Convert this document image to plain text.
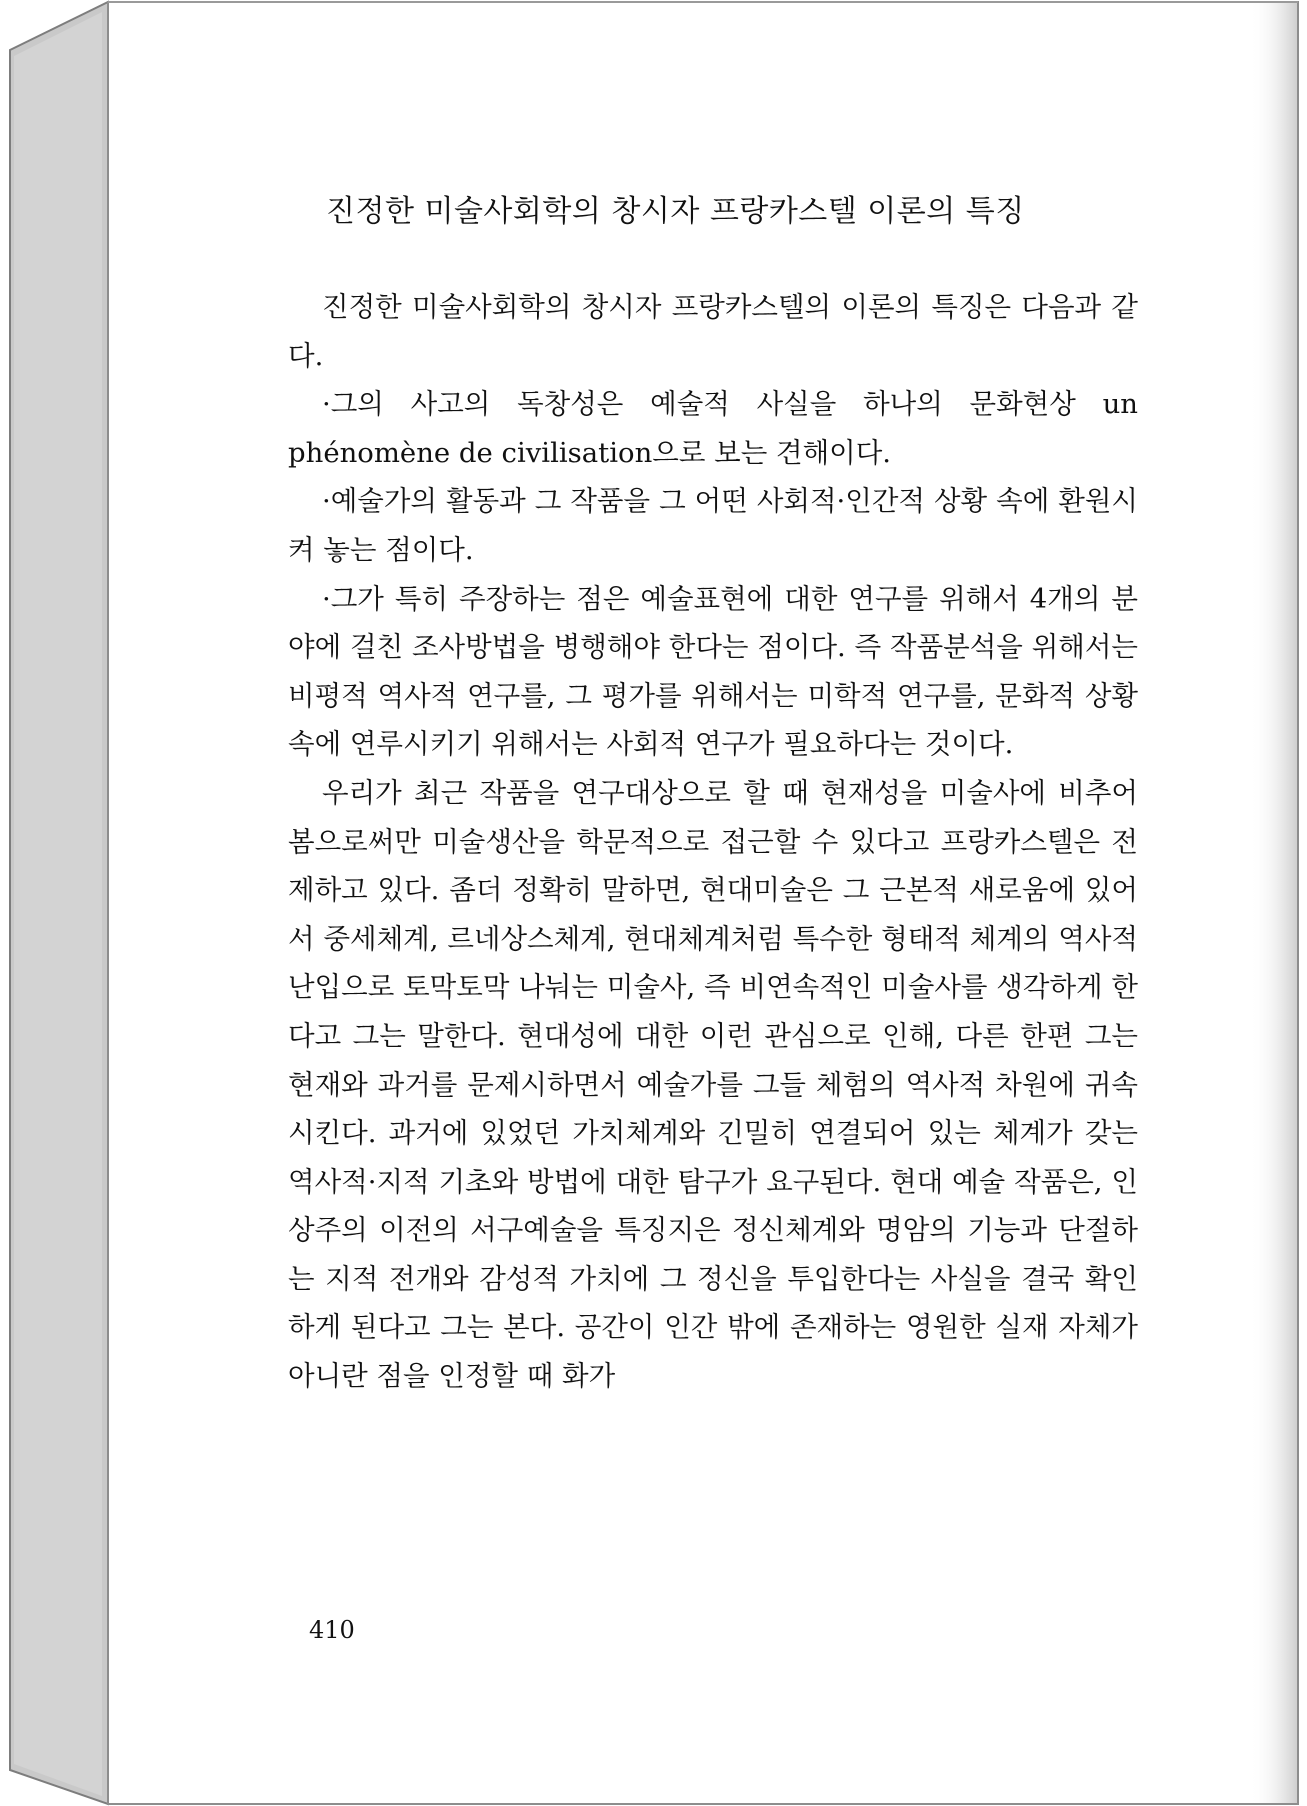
진정한 미술사회학의 창시자 프랑카스텔 이론의 특징

진정한 미술사회학의 창시자 프랑카스텔의 이론의 특징은 다음과 같다.

·그의 사고의 독창성은 예술적 사실을 하나의 문화현상 un phénomène de civilisation으로 보는 견해이다.

·예술가의 활동과 그 작품을 그 어떤 사회적·인간적 상황 속에 환원시켜 놓는 점이다.

·그가 특히 주장하는 점은 예술표현에 대한 연구를 위해서 4개의 분야에 걸친 조사방법을 병행해야 한다는 점이다. 즉 작품분석을 위해서는 비평적 역사적 연구를, 그 평가를 위해서는 미학적 연구를, 문화적 상황 속에 연루시키기 위해서는 사회적 연구가 필요하다는 것이다.

우리가 최근 작품을 연구대상으로 할 때 현재성을 미술사에 비추어 봄으로써만 미술생산을 학문적으로 접근할 수 있다고 프랑카스텔은 전제하고 있다. 좀더 정확히 말하면, 현대미술은 그 근본적 새로움에 있어서 중세체계, 르네상스체계, 현대체계처럼 특수한 형태적 체계의 역사적 난입으로 토막토막 나눠는 미술사, 즉 비연속적인 미술사를 생각하게 한다고 그는 말한다. 현대성에 대한 이런 관심으로 인해, 다른 한편 그는 현재와 과거를 문제시하면서 예술가를 그들 체험의 역사적 차원에 귀속시킨다. 과거에 있었던 가치체계와 긴밀히 연결되어 있는 체계가 갖는 역사적·지적 기초와 방법에 대한 탐구가 요구된다. 현대 예술 작품은, 인상주의 이전의 서구예술을 특징지은 정신체계와 명암의 기능과 단절하는 지적 전개와 감성적 가치에 그 정신을 투입한다는 사실을 결국 확인하게 된다고 그는 본다. 공간이 인간 밖에 존재하는 영원한 실재 자체가 아니란 점을 인정할 때 화가

410
